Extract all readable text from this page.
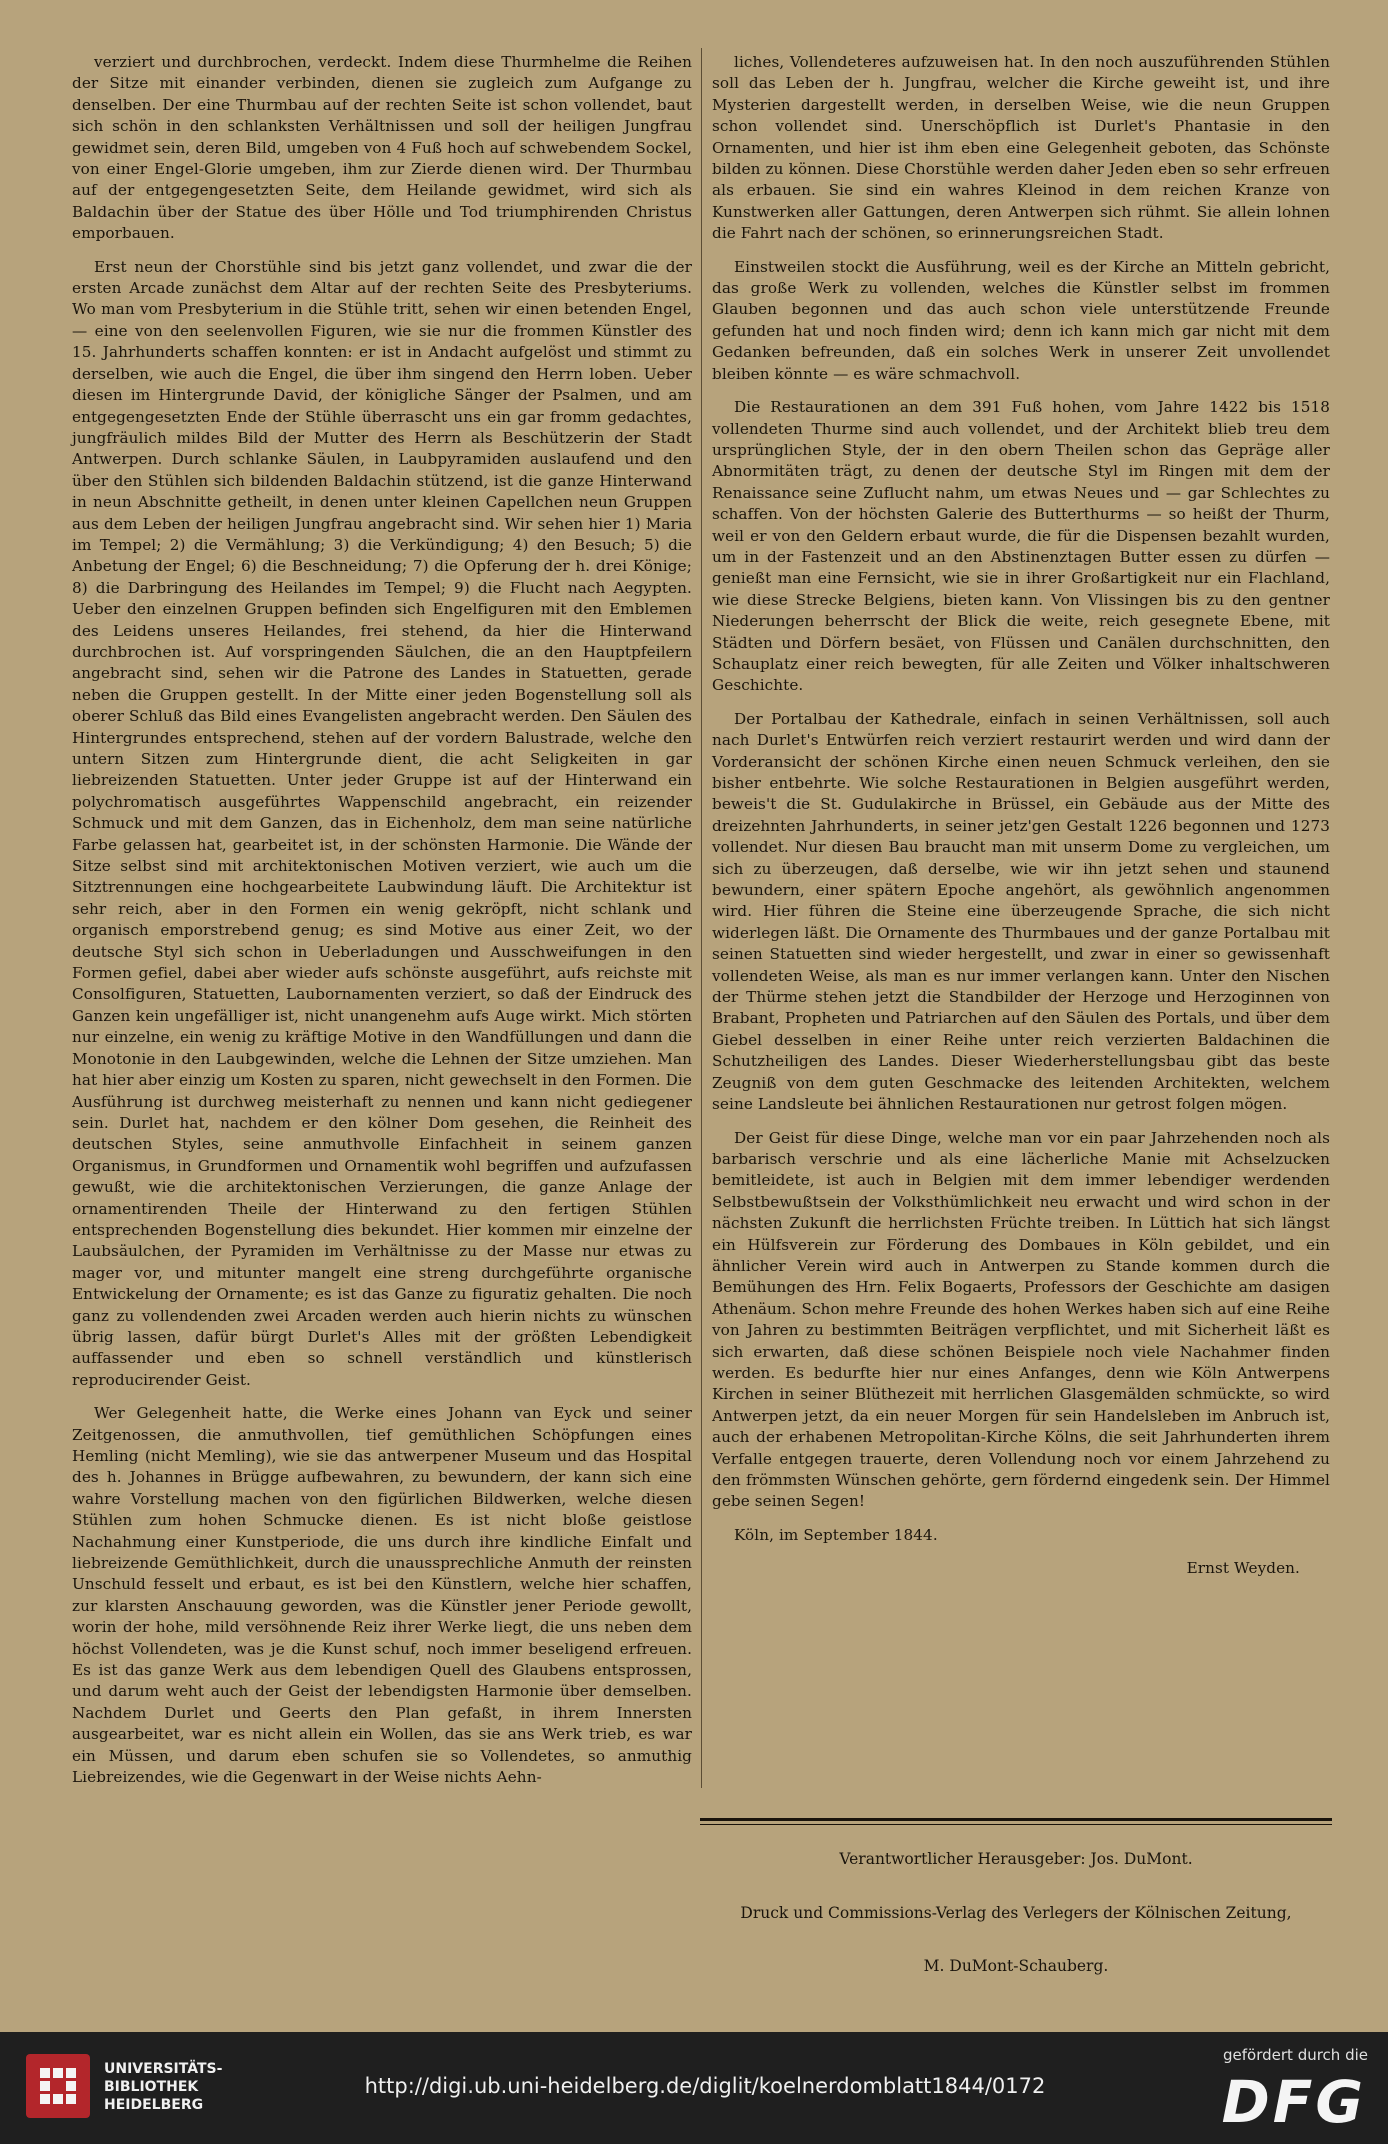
verziert und durchbrochen, verdeckt. Indem diese Thurmhelme die Reihen der Sitze mit einander verbinden, dienen sie zugleich zum Aufgange zu denselben. Der eine Thurmbau auf der rechten Seite ist schon vollendet, baut sich schön in den schlanksten Verhältnissen und soll der heiligen Jungfrau gewidmet sein, deren Bild, umgeben von 4 Fuß hoch auf schwebendem Sockel, von einer Engel-Glorie umgeben, ihm zur Zierde dienen wird. Der Thurmbau auf der entgegengesetzten Seite, dem Heilande gewidmet, wird sich als Baldachin über der Statue des über Hölle und Tod triumphirenden Christus emporbauen.

Erst neun der Chorstühle sind bis jetzt ganz vollendet, und zwar die der ersten Arcade zunächst dem Altar auf der rechten Seite des Presbyteriums. Wo man vom Presbyterium in die Stühle tritt, sehen wir einen betenden Engel, — eine von den seelenvollen Figuren, wie sie nur die frommen Künstler des 15. Jahrhunderts schaffen konnten: er ist in Andacht aufgelöst und stimmt zu derselben, wie auch die Engel, die über ihm singend den Herrn loben. Ueber diesen im Hintergrunde David, der königliche Sänger der Psalmen, und am entgegengesetzten Ende der Stühle überrascht uns ein gar fromm gedachtes, jungfräulich mildes Bild der Mutter des Herrn als Beschützerin der Stadt Antwerpen. Durch schlanke Säulen, in Laubpyramiden auslaufend und den über den Stühlen sich bildenden Baldachin stützend, ist die ganze Hinterwand in neun Abschnitte getheilt, in denen unter kleinen Capellchen neun Gruppen aus dem Leben der heiligen Jungfrau angebracht sind. Wir sehen hier 1) Maria im Tempel; 2) die Vermählung; 3) die Verkündigung; 4) den Besuch; 5) die Anbetung der Engel; 6) die Beschneidung; 7) die Opferung der h. drei Könige; 8) die Darbringung des Heilandes im Tempel; 9) die Flucht nach Aegypten. Ueber den einzelnen Gruppen befinden sich Engelfiguren mit den Emblemen des Leidens unseres Heilandes, frei stehend, da hier die Hinterwand durchbrochen ist. Auf vorspringenden Säulchen, die an den Hauptpfeilern angebracht sind, sehen wir die Patrone des Landes in Statuetten, gerade neben die Gruppen gestellt. In der Mitte einer jeden Bogenstellung soll als oberer Schluß das Bild eines Evangelisten angebracht werden. Den Säulen des Hintergrundes entsprechend, stehen auf der vordern Balustrade, welche den untern Sitzen zum Hintergrunde dient, die acht Seligkeiten in gar liebreizenden Statuetten. Unter jeder Gruppe ist auf der Hinterwand ein polychromatisch ausgeführtes Wappenschild angebracht, ein reizender Schmuck und mit dem Ganzen, das in Eichenholz, dem man seine natürliche Farbe gelassen hat, gearbeitet ist, in der schönsten Harmonie. Die Wände der Sitze selbst sind mit architektonischen Motiven verziert, wie auch um die Sitztrennungen eine hochgearbeitete Laubwindung läuft. Die Architektur ist sehr reich, aber in den Formen ein wenig gekröpft, nicht schlank und organisch emporstrebend genug; es sind Motive aus einer Zeit, wo der deutsche Styl sich schon in Ueberladungen und Ausschweifungen in den Formen gefiel, dabei aber wieder aufs schönste ausgeführt, aufs reichste mit Consolfiguren, Statuetten, Laubornamenten verziert, so daß der Eindruck des Ganzen kein ungefälliger ist, nicht unangenehm aufs Auge wirkt. Mich störten nur einzelne, ein wenig zu kräftige Motive in den Wandfüllungen und dann die Monotonie in den Laubgewinden, welche die Lehnen der Sitze umziehen. Man hat hier aber einzig um Kosten zu sparen, nicht gewechselt in den Formen. Die Ausführung ist durchweg meisterhaft zu nennen und kann nicht gediegener sein. Durlet hat, nachdem er den kölner Dom gesehen, die Reinheit des deutschen Styles, seine anmuthvolle Einfachheit in seinem ganzen Organismus, in Grundformen und Ornamentik wohl begriffen und aufzufassen gewußt, wie die architektonischen Verzierungen, die ganze Anlage der ornamentirenden Theile der Hinterwand zu den fertigen Stühlen entsprechenden Bogenstellung dies bekundet. Hier kommen mir einzelne der Laubsäulchen, der Pyramiden im Verhältnisse zu der Masse nur etwas zu mager vor, und mitunter mangelt eine streng durchgeführte organische Entwickelung der Ornamente; es ist das Ganze zu figuratiz gehalten. Die noch ganz zu vollendenden zwei Arcaden werden auch hierin nichts zu wünschen übrig lassen, dafür bürgt Durlet's Alles mit der größten Lebendigkeit auffassender und eben so schnell verständlich und künstlerisch reproducirender Geist.

Wer Gelegenheit hatte, die Werke eines Johann van Eyck und seiner Zeitgenossen, die anmuthvollen, tief gemüthlichen Schöpfungen eines Hemling (nicht Memling), wie sie das antwerpener Museum und das Hospital des h. Johannes in Brügge aufbewahren, zu bewundern, der kann sich eine wahre Vorstellung machen von den figürlichen Bildwerken, welche diesen Stühlen zum hohen Schmucke dienen. Es ist nicht bloße geistlose Nachahmung einer Kunstperiode, die uns durch ihre kindliche Einfalt und liebreizende Gemüthlichkeit, durch die unaussprechliche Anmuth der reinsten Unschuld fesselt und erbaut, es ist bei den Künstlern, welche hier schaffen, zur klarsten Anschauung geworden, was die Künstler jener Periode gewollt, worin der hohe, mild versöhnende Reiz ihrer Werke liegt, die uns neben dem höchst Vollendeten, was je die Kunst schuf, noch immer beseligend erfreuen. Es ist das ganze Werk aus dem lebendigen Quell des Glaubens entsprossen, und darum weht auch der Geist der lebendigsten Harmonie über demselben. Nachdem Durlet und Geerts den Plan gefaßt, in ihrem Innersten ausgearbeitet, war es nicht allein ein Wollen, das sie ans Werk trieb, es war ein Müssen, und darum eben schufen sie so Vollendetes, so anmuthig Liebreizendes, wie die Gegenwart in der Weise nichts Aehn-

liches, Vollendeteres aufzuweisen hat. In den noch auszuführenden Stühlen soll das Leben der h. Jungfrau, welcher die Kirche geweiht ist, und ihre Mysterien dargestellt werden, in derselben Weise, wie die neun Gruppen schon vollendet sind. Unerschöpflich ist Durlet's Phantasie in den Ornamenten, und hier ist ihm eben eine Gelegenheit geboten, das Schönste bilden zu können. Diese Chorstühle werden daher Jeden eben so sehr erfreuen als erbauen. Sie sind ein wahres Kleinod in dem reichen Kranze von Kunstwerken aller Gattungen, deren Antwerpen sich rühmt. Sie allein lohnen die Fahrt nach der schönen, so erinnerungsreichen Stadt.

Einstweilen stockt die Ausführung, weil es der Kirche an Mitteln gebricht, das große Werk zu vollenden, welches die Künstler selbst im frommen Glauben begonnen und das auch schon viele unterstützende Freunde gefunden hat und noch finden wird; denn ich kann mich gar nicht mit dem Gedanken befreunden, daß ein solches Werk in unserer Zeit unvollendet bleiben könnte — es wäre schmachvoll.

Die Restaurationen an dem 391 Fuß hohen, vom Jahre 1422 bis 1518 vollendeten Thurme sind auch vollendet, und der Architekt blieb treu dem ursprünglichen Style, der in den obern Theilen schon das Gepräge aller Abnormitäten trägt, zu denen der deutsche Styl im Ringen mit dem der Renaissance seine Zuflucht nahm, um etwas Neues und — gar Schlechtes zu schaffen. Von der höchsten Galerie des Butterthurms — so heißt der Thurm, weil er von den Geldern erbaut wurde, die für die Dispensen bezahlt wurden, um in der Fastenzeit und an den Abstinenztagen Butter essen zu dürfen — genießt man eine Fernsicht, wie sie in ihrer Großartigkeit nur ein Flachland, wie diese Strecke Belgiens, bieten kann. Von Vlissingen bis zu den gentner Niederungen beherrscht der Blick die weite, reich gesegnete Ebene, mit Städten und Dörfern besäet, von Flüssen und Canälen durchschnitten, den Schauplatz einer reich bewegten, für alle Zeiten und Völker inhaltschweren Geschichte.

Der Portalbau der Kathedrale, einfach in seinen Verhältnissen, soll auch nach Durlet's Entwürfen reich verziert restaurirt werden und wird dann der Vorderansicht der schönen Kirche einen neuen Schmuck verleihen, den sie bisher entbehrte. Wie solche Restaurationen in Belgien ausgeführt werden, beweis't die St. Gudulakirche in Brüssel, ein Gebäude aus der Mitte des dreizehnten Jahrhunderts, in seiner jetz'gen Gestalt 1226 begonnen und 1273 vollendet. Nur diesen Bau braucht man mit unserm Dome zu vergleichen, um sich zu überzeugen, daß derselbe, wie wir ihn jetzt sehen und staunend bewundern, einer spätern Epoche angehört, als gewöhnlich angenommen wird. Hier führen die Steine eine überzeugende Sprache, die sich nicht widerlegen läßt. Die Ornamente des Thurmbaues und der ganze Portalbau mit seinen Statuetten sind wieder hergestellt, und zwar in einer so gewissenhaft vollendeten Weise, als man es nur immer verlangen kann. Unter den Nischen der Thürme stehen jetzt die Standbilder der Herzoge und Herzoginnen von Brabant, Propheten und Patriarchen auf den Säulen des Portals, und über dem Giebel desselben in einer Reihe unter reich verzierten Baldachinen die Schutzheiligen des Landes. Dieser Wiederherstellungsbau gibt das beste Zeugniß von dem guten Geschmacke des leitenden Architekten, welchem seine Landsleute bei ähnlichen Restaurationen nur getrost folgen mögen.

Der Geist für diese Dinge, welche man vor ein paar Jahrzehenden noch als barbarisch verschrie und als eine lächerliche Manie mit Achselzucken bemitleidete, ist auch in Belgien mit dem immer lebendiger werdenden Selbstbewußtsein der Volksthümlichkeit neu erwacht und wird schon in der nächsten Zukunft die herrlichsten Früchte treiben. In Lüttich hat sich längst ein Hülfsverein zur Förderung des Dombaues in Köln gebildet, und ein ähnlicher Verein wird auch in Antwerpen zu Stande kommen durch die Bemühungen des Hrn. Felix Bogaerts, Professors der Geschichte am dasigen Athenäum. Schon mehre Freunde des hohen Werkes haben sich auf eine Reihe von Jahren zu bestimmten Beiträgen verpflichtet, und mit Sicherheit läßt es sich erwarten, daß diese schönen Beispiele noch viele Nachahmer finden werden. Es bedurfte hier nur eines Anfanges, denn wie Köln Antwerpens Kirchen in seiner Blüthezeit mit herrlichen Glasgemälden schmückte, so wird Antwerpen jetzt, da ein neuer Morgen für sein Handelsleben im Anbruch ist, auch der erhabenen Metropolitan-Kirche Kölns, die seit Jahrhunderten ihrem Verfalle entgegen trauerte, deren Vollendung noch vor einem Jahrzehend zu den frömmsten Wünschen gehörte, gern fördernd eingedenk sein. Der Himmel gebe seinen Segen!

Köln, im September 1844.

Ernst Weyden.

Verantwortlicher Herausgeber: Jos. DuMont.
Druck und Commissions-Verlag des Verlegers der Kölnischen Zeitung,
M. DuMont-Schauberg.
UNIVERSITÄTS-
BIBLIOTHEK
HEIDELBERG
http://digi.ub.uni-heidelberg.de/diglit/koelnerdomblatt1844/0172
gefördert durch die
DFG
